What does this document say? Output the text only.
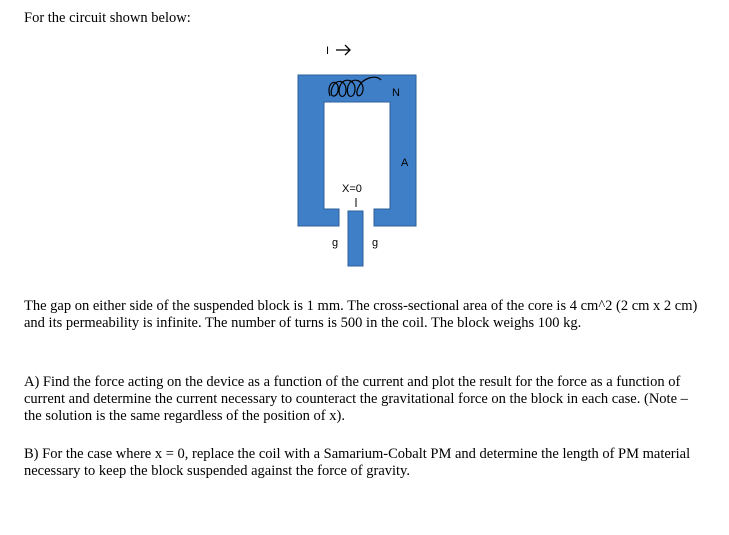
For the circuit shown below:
I
N
A
X=0
g	g

The gap on either side of the suspended block is 1 mm. The cross-sectional area of the core is 4 cm^2 (2 cm x 2 cm) and its permeability is infinite. The number of turns is 500 in the coil. The block weighs 100 kg.

A) Find the force acting on the device as a function of the current and plot the result for the force as a function of current and determine the current necessary to counteract the gravitational force on the block in each case. (Note – the solution is the same regardless of the position of x).

B) For the case where x = 0, replace the coil with a Samarium-Cobalt PM and determine the length of PM material necessary to keep the block suspended against the force of gravity.
